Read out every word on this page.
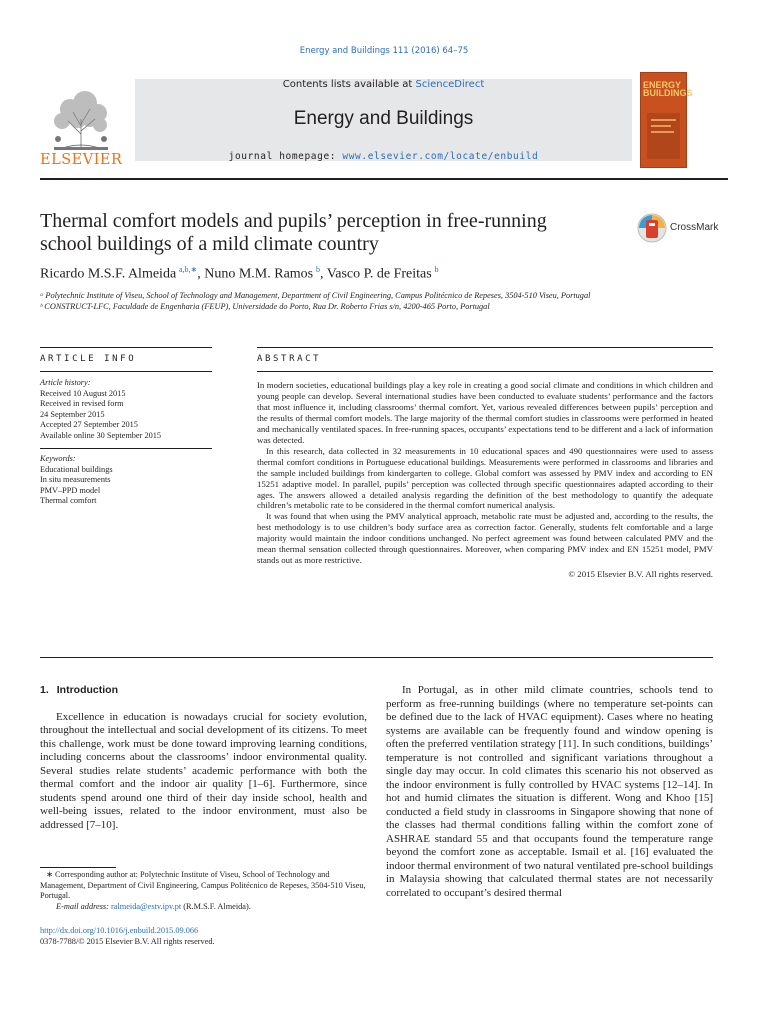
Energy and Buildings 111 (2016) 64–75
ELSEVIER
Contents lists available at ScienceDirect
Energy and Buildings
journal homepage: www.elsevier.com/locate/enbuild
ENERGY BUILDINGS
Thermal comfort models and pupils’ perception in free-running school buildings of a mild climate country
CrossMark
Ricardo M.S.F. Almeida  $^{a,b,∗}$, Nuno M.M. Ramos  $^b$, Vasco P. de Freitas  $^b$
ᵃ Polytechnic Institute of Viseu, School of Technology and Management, Department of Civil Engineering, Campus Politécnico de Repeses, 3504-510 Viseu, Portugal
ᵇ CONSTRUCT-LFC, Faculdade de Engenharia (FEUP), Universidade do Porto, Rua Dr. Roberto Frias s/n, 4200-465 Porto, Portugal
ARTICLE INFO
Article history:
Received 10 August 2015
Received in revised form
24 September 2015
Accepted 27 September 2015
Available online 30 September 2015
Keywords:
Educational buildings
In situ measurements
PMV–PPD model
Thermal comfort
ABSTRACT

In modern societies, educational buildings play a key role in creating a good social climate and conditions in which children and young people can develop. Several international studies have been conducted to evaluate students’ performance and the factors that most influence it, including classrooms’ thermal comfort. Yet, various revealed differences between pupils’ perception and the results of thermal comfort models. The large majority of the thermal comfort studies in classrooms were performed in heated and mechanically ventilated spaces. In free-running spaces, occupants’ expectations tend to be different and a lack of information was detected.

In this research, data collected in 32 measurements in 10 educational spaces and 490 questionnaires were used to assess thermal comfort conditions in Portuguese educational buildings. Measurements were performed in classrooms and libraries and the sample included buildings from kindergarten to college. Global comfort was assessed by PMV index and according to EN 15251 adaptive model. In parallel, pupils’ perception was collected through specific questionnaires adapted according to their ages. The answers allowed a detailed analysis regarding the definition of the best methodology to quantify the adequate children’s metabolic rate to be considered in the thermal comfort numerical analysis.

It was found that when using the PMV analytical approach, metabolic rate must be adjusted and, according to the results, the best methodology is to use children’s body surface area as correction factor. Generally, students felt comfortable and a large majority would maintain the indoor conditions unchanged. No perfect agreement was found between calculated PMV and the mean thermal sensation collected through questionnaires. Moreover, when comparing PMV index and EN 15251 model, PMV stands out as more restrictive.

© 2015 Elsevier B.V. All rights reserved.

1. Introduction

Excellence in education is nowadays crucial for society evolution, throughout the intellectual and social development of its citizens. To meet this challenge, work must be done toward improving learning conditions, including concerns about the classrooms’ indoor environmental quality. Several studies relate students’ academic performance with both the thermal comfort and the indoor air quality [1–6]. Furthermore, since students spend around one third of their day inside school, health and well-being issues, related to the indoor environment, must also be addressed [7–10].

In Portugal, as in other mild climate countries, schools tend to perform as free-running buildings (where no temperature set-points can be defined due to the lack of HVAC equipment). Cases where no heating systems are available can be frequently found and window opening is often the preferred ventilation strategy [11]. In such conditions, buildings’ temperature is not controlled and significant variations throughout a single day may occur. In cold climates this scenario his not observed as the indoor environment is fully controlled by HVAC systems [12–14]. In hot and humid climates the situation is different. Wong and Khoo [15] conducted a field study in classrooms in Singapore showing that none of the classes had thermal conditions falling within the comfort zone of ASHRAE standard 55 and that occupants found the temperature range beyond the comfort zone as acceptable. Ismail et al. [16] evaluated the indoor thermal environment of two natural ventilated pre-school buildings in Malaysia showing that calculated thermal states are not necessarily correlated to occupant’s desired thermal

∗ Corresponding author at: Polytechnic Institute of Viseu, School of Technology and Management, Department of Civil Engineering, Campus Politécnico de Repeses, 3504-510 Viseu, Portugal.
E-mail address: ralmeida@estv.ipv.pt (R.M.S.F. Almeida).
http://dx.doi.org/10.1016/j.enbuild.2015.09.066
0378-7788/© 2015 Elsevier B.V. All rights reserved.
